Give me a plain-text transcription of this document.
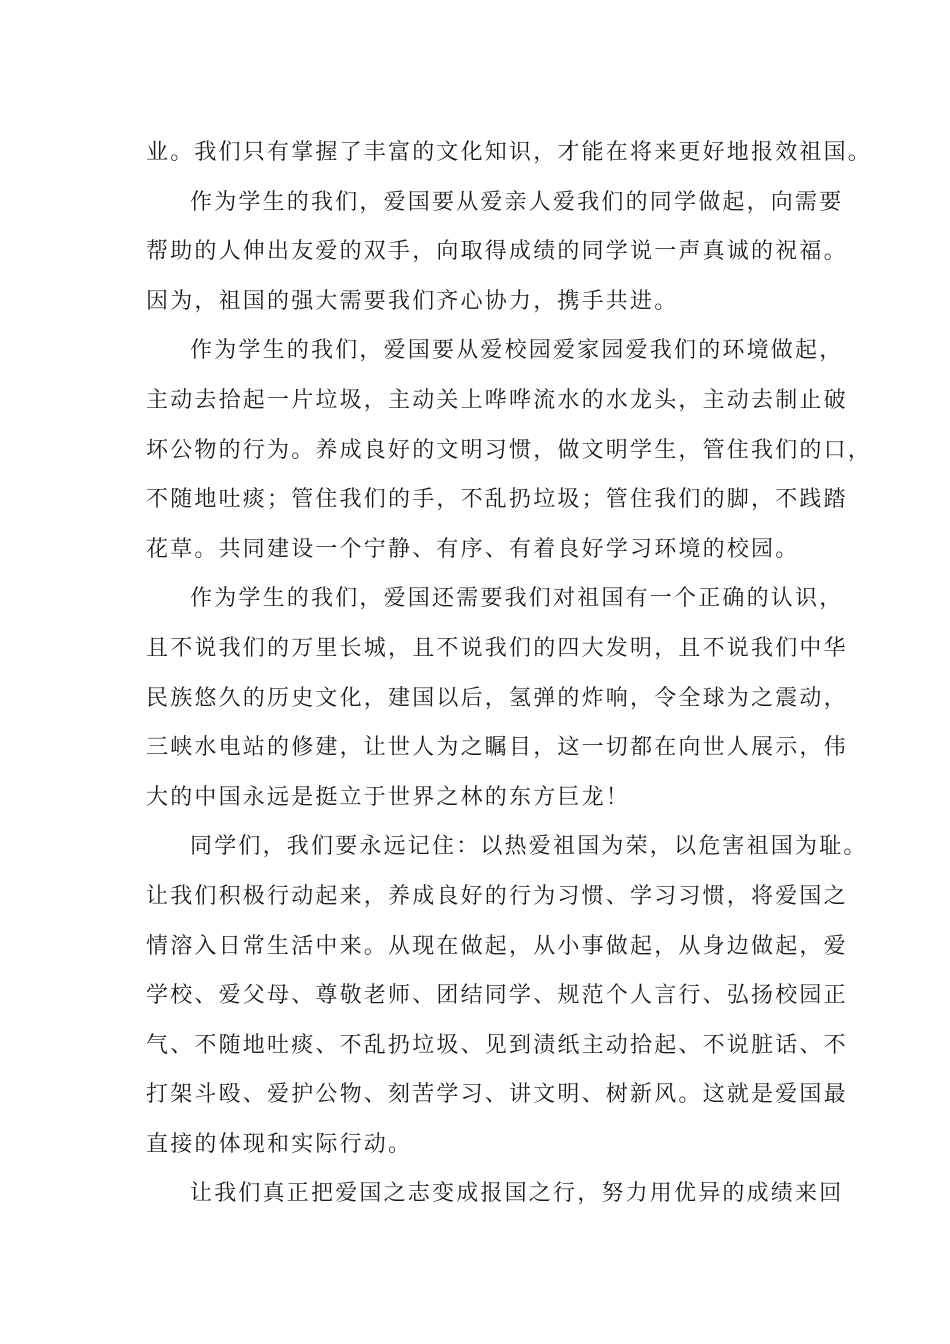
业。我们只有掌握了丰富的文化知识，才能在将来更好地报效祖国。
作为学生的我们，爱国要从爱亲人爱我们的同学做起，向需要
帮助的人伸出友爱的双手，向取得成绩的同学说一声真诚的祝福。
因为，祖国的强大需要我们齐心协力，携手共进。
作为学生的我们，爱国要从爱校园爱家园爱我们的环境做起，
主动去拾起一片垃圾，主动关上哗哗流水的水龙头，主动去制止破
坏公物的行为。养成良好的文明习惯，做文明学生，管住我们的口，
不随地吐痰；管住我们的手，不乱扔垃圾；管住我们的脚，不践踏
花草。共同建设一个宁静、有序、有着良好学习环境的校园。
作为学生的我们，爱国还需要我们对祖国有一个正确的认识，
且不说我们的万里长城，且不说我们的四大发明，且不说我们中华
民族悠久的历史文化，建国以后，氢弹的炸响，令全球为之震动，
三峡水电站的修建，让世人为之瞩目，这一切都在向世人展示，伟
大的中国永远是挺立于世界之林的东方巨龙！
同学们，我们要永远记住：以热爱祖国为荣，以危害祖国为耻。
让我们积极行动起来，养成良好的行为习惯、学习习惯，将爱国之
情溶入日常生活中来。从现在做起，从小事做起，从身边做起，爱
学校、爱父母、尊敬老师、团结同学、规范个人言行、弘扬校园正
气、不随地吐痰、不乱扔垃圾、见到渍纸主动拾起、不说脏话、不
打架斗殴、爱护公物、刻苦学习、讲文明、树新风。这就是爱国最
直接的体现和实际行动。
让我们真正把爱国之志变成报国之行，努力用优异的成绩来回
